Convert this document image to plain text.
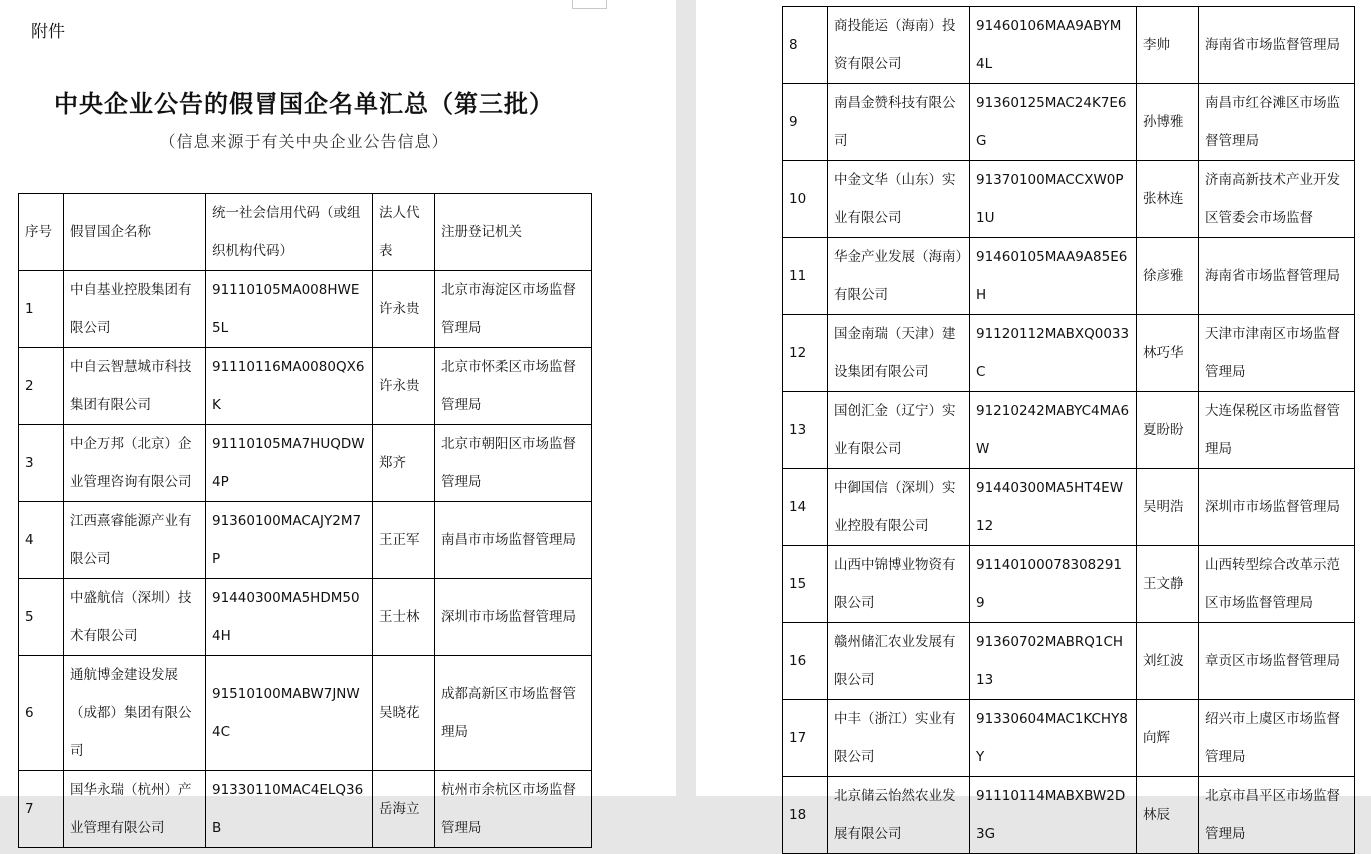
附件
中央企业公告的假冒国企名单汇总（第三批）
（信息来源于有关中央企业公告信息）
序号	假冒国企名称	统一社会信用代码（或组织机构代码）	法人代表	注册登记机关
1	中自基业控股集团有限公司	91110105MA008HWE5L	许永贵	北京市海淀区市场监督管理局
2	中自云智慧城市科技集团有限公司	91110116MA0080QX6K	许永贵	北京市怀柔区市场监督管理局
3	中企万邦（北京）企业管理咨询有限公司	91110105MA7HUQDW4P	郑齐	北京市朝阳区市场监督管理局
4	江西熹睿能源产业有限公司	91360100MACAJY2M7P	王正军	南昌市市场监督管理局
5	中盛航信（深圳）技术有限公司	91440300MA5HDM504H	王士林	深圳市市场监督管理局
6	通航博金建设发展（成都）集团有限公司	91510100MABW7JNW4C	吴晓花	成都高新区市场监督管理局
7	国华永瑞（杭州）产业管理有限公司	91330110MAC4ELQ36B	岳海立	杭州市余杭区市场监督管理局
8	商投能运（海南）投资有限公司	91460106MAA9ABYM4L	李帅	海南省市场监督管理局
9	南昌金赞科技有限公司	91360125MAC24K7E6G	孙博雅	南昌市红谷滩区市场监督管理局
10	中金文华（山东）实业有限公司	91370100MACCXW0P1U	张林连	济南高新技术产业开发区管委会市场监督
11	华金产业发展（海南）有限公司	91460105MAA9A85E6H	徐彦雅	海南省市场监督管理局
12	国金南瑞（天津）建设集团有限公司	91120112MABXQ0033C	林巧华	天津市津南区市场监督管理局
13	国创汇金（辽宁）实业有限公司	91210242MABYC4MA6W	夏盼盼	大连保税区市场监督管理局
14	中御国信（深圳）实业控股有限公司	91440300MA5HT4EW12	吴明浩	深圳市市场监督管理局
15	山西中锦博业物资有限公司	911401000783082919	王文静	山西转型综合改革示范区市场监督管理局
16	赣州储汇农业发展有限公司	91360702MABRQ1CH13	刘红波	章贡区市场监督管理局
17	中丰（浙江）实业有限公司	91330604MAC1KCHY8Y	向辉	绍兴市上虞区市场监督管理局
18	北京储云怡然农业发展有限公司	91110114MABXBW2D3G	林辰	北京市昌平区市场监督管理局
